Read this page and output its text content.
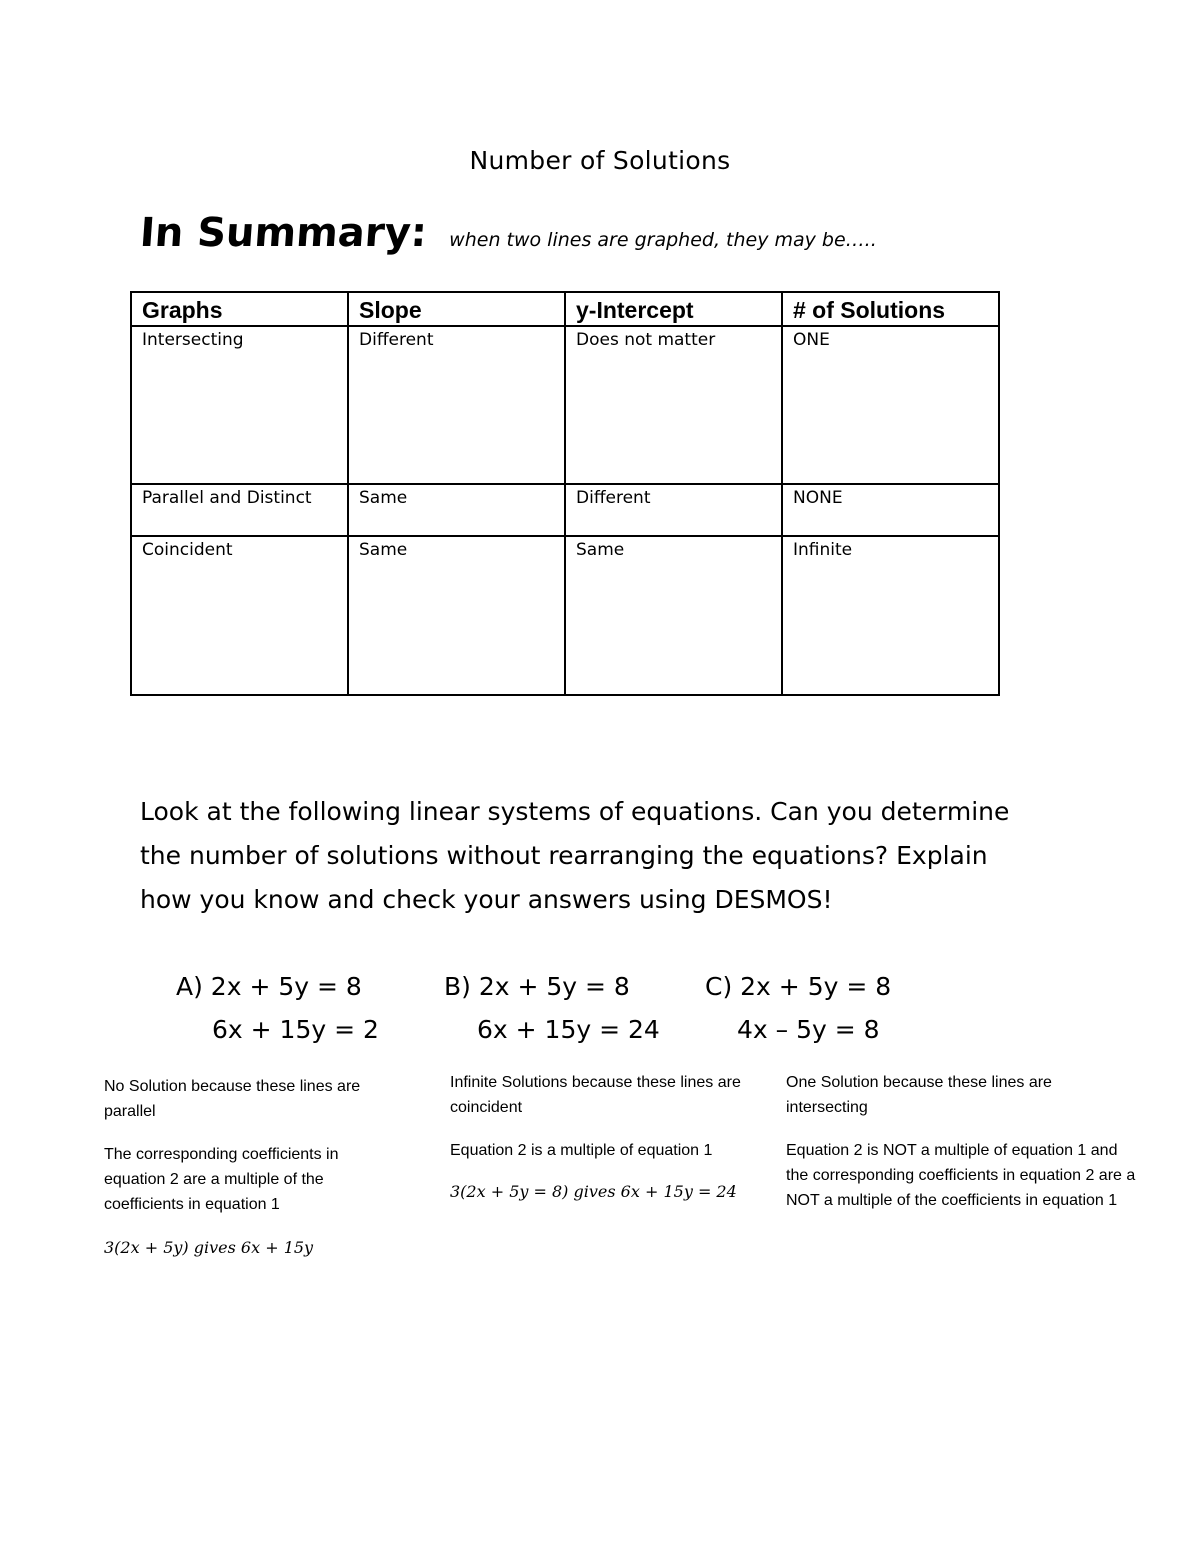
Number of Solutions
In Summary: when two lines are graphed, they may be…..
Graphs	Slope	y-Intercept	# of Solutions
Intersecting	Different	Does not matter	ONE
Parallel and Distinct	Same	Different	NONE
Coincident	Same	Same	Infinite

Look at the following linear systems of equations. Can you determine

the number of solutions without rearranging the equations? Explain

how you know and check your answers using DESMOS!

A) 2x + 5y = 8
6x + 15y = 2

No Solution because these lines are parallel

The corresponding coefficients in equation 2 are a multiple of the coefficients in equation 1

3(2𝑥 + 5𝑦) 𝑔𝑖𝑣𝑒𝑠 6𝑥 + 15𝑦
B) 2x + 5y = 8
6x + 15y = 24

Infinite Solutions because these lines are coincident

Equation 2 is a multiple of equation 1

3(2𝑥 + 5𝑦 = 8) 𝑔𝑖𝑣𝑒𝑠 6𝑥 + 15𝑦 = 24
C) 2x + 5y = 8
4x – 5y = 8

One Solution because these lines are intersecting

Equation 2 is NOT a multiple of equation 1 and the corresponding coefficients in equation 2 are a NOT a multiple of the coefficients in equation 1
